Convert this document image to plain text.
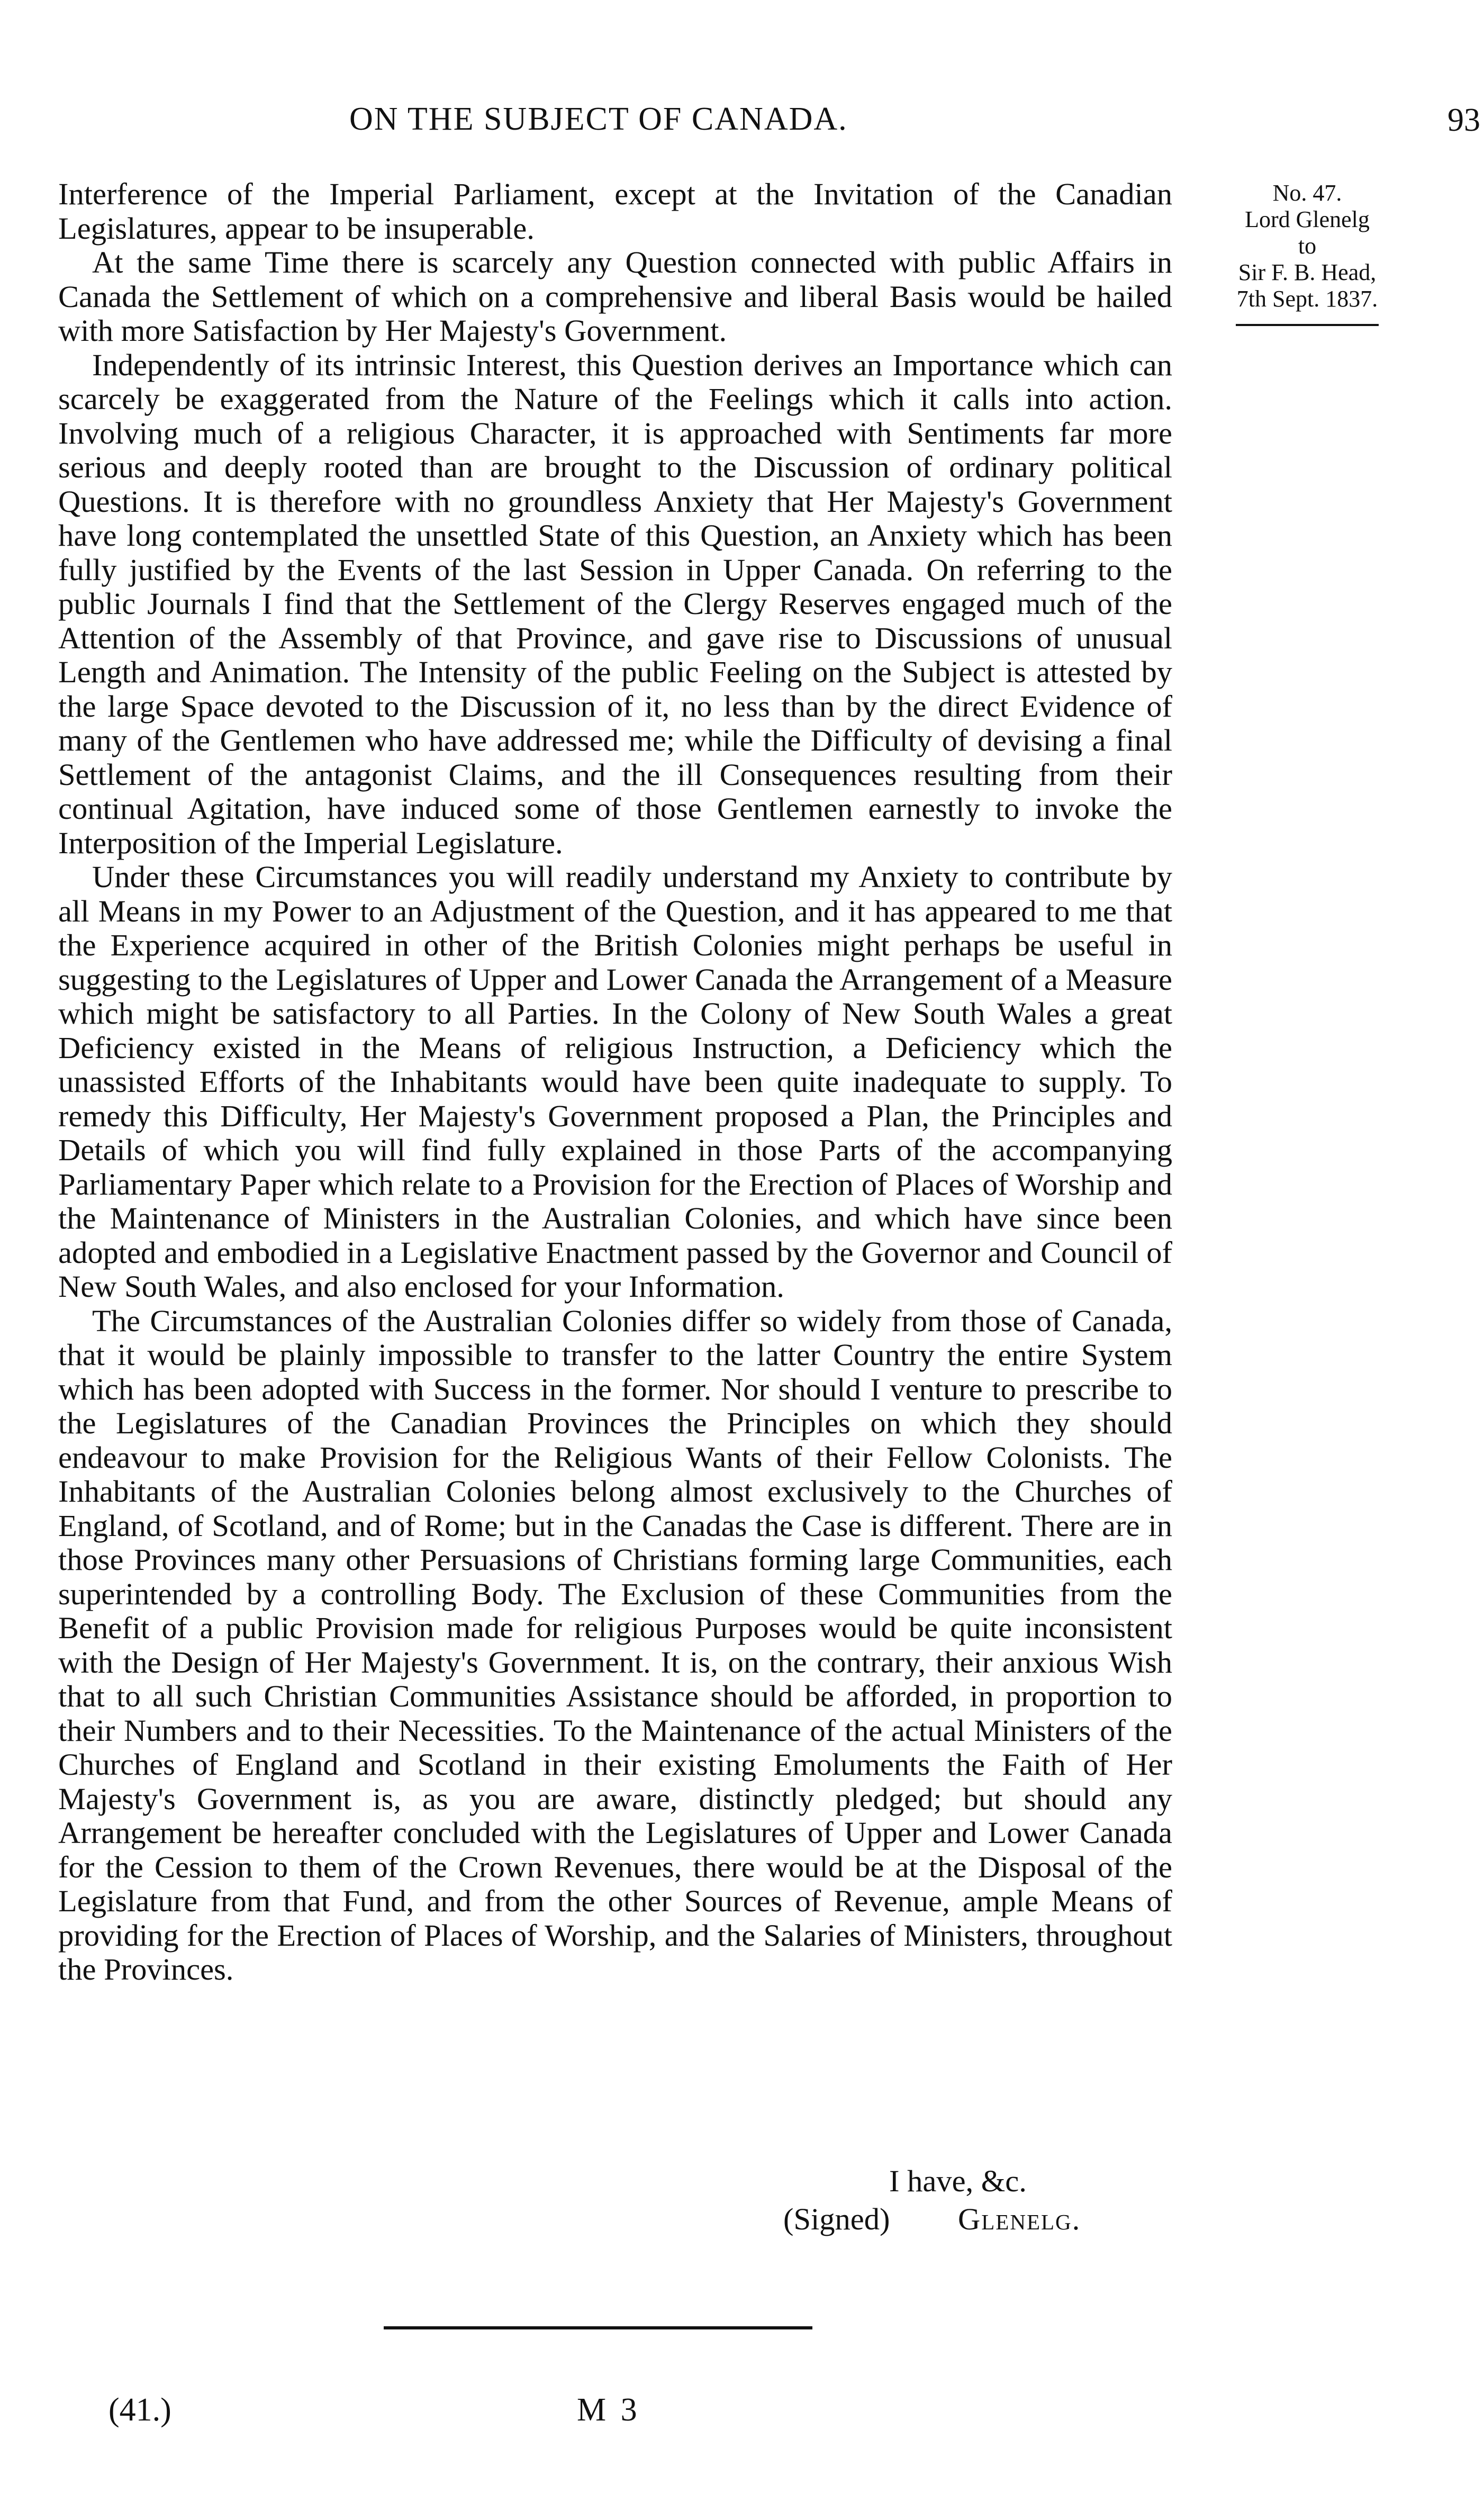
ON THE SUBJECT OF CANADA.	93

Interference of the Imperial Parliament, except at the Invitation of the Canadian Legislatures, appear to be insuperable.

At the same Time there is scarcely any Question connected with public Affairs in Canada the Settlement of which on a comprehensive and liberal Basis would be hailed with more Satisfaction by Her Majesty's Government.

Independently of its intrinsic Interest, this Question derives an Importance which can scarcely be exaggerated from the Nature of the Feelings which it calls into action. Involving much of a religious Character, it is approached with Sentiments far more serious and deeply rooted than are brought to the Discussion of ordinary political Questions. It is therefore with no groundless Anxiety that Her Majesty's Government have long contemplated the unsettled State of this Question, an Anxiety which has been fully justified by the Events of the last Session in Upper Canada. On referring to the public Journals I find that the Settlement of the Clergy Reserves engaged much of the Attention of the Assembly of that Province, and gave rise to Discussions of unusual Length and Animation. The Intensity of the public Feeling on the Subject is attested by the large Space devoted to the Discussion of it, no less than by the direct Evidence of many of the Gentlemen who have addressed me; while the Difficulty of devising a final Settlement of the antagonist Claims, and the ill Consequences resulting from their continual Agitation, have induced some of those Gentlemen earnestly to invoke the Interposition of the Imperial Legislature.

Under these Circumstances you will readily understand my Anxiety to contribute by all Means in my Power to an Adjustment of the Question, and it has appeared to me that the Experience acquired in other of the British Colonies might perhaps be useful in suggesting to the Legislatures of Upper and Lower Canada the Arrangement of a Measure which might be satisfactory to all Parties. In the Colony of New South Wales a great Deficiency existed in the Means of religious Instruction, a Deficiency which the unassisted Efforts of the Inhabitants would have been quite inadequate to supply. To remedy this Difficulty, Her Majesty's Government proposed a Plan, the Principles and Details of which you will find fully explained in those Parts of the accompanying Parliamentary Paper which relate to a Provision for the Erection of Places of Worship and the Maintenance of Ministers in the Australian Colonies, and which have since been adopted and embodied in a Legislative Enactment passed by the Governor and Council of New South Wales, and also enclosed for your Information.

The Circumstances of the Australian Colonies differ so widely from those of Canada, that it would be plainly impossible to transfer to the latter Country the entire System which has been adopted with Success in the former. Nor should I venture to prescribe to the Legislatures of the Canadian Provinces the Principles on which they should endeavour to make Provision for the Religious Wants of their Fellow Colonists. The Inhabitants of the Australian Colonies belong almost exclusively to the Churches of England, of Scotland, and of Rome; but in the Canadas the Case is different. There are in those Provinces many other Persuasions of Christians forming large Communities, each superintended by a controlling Body. The Exclusion of these Communities from the Benefit of a public Provision made for religious Purposes would be quite inconsistent with the Design of Her Majesty's Government. It is, on the contrary, their anxious Wish that to all such Christian Communities Assistance should be afforded, in proportion to their Numbers and to their Necessities. To the Maintenance of the actual Ministers of the Churches of England and Scotland in their existing Emoluments the Faith of Her Majesty's Government is, as you are aware, distinctly pledged; but should any Arrangement be hereafter concluded with the Legislatures of Upper and Lower Canada for the Cession to them of the Crown Revenues, there would be at the Disposal of the Legislature from that Fund, and from the other Sources of Revenue, ample Means of providing for the Erection of Places of Worship, and the Salaries of Ministers, throughout the Provinces.

No. 47.
Lord Glenelg
to
Sir F. B. Head,
7th Sept. 1837.
I have, &c.
(Signed) Glenelg.
(41.)	M 3
